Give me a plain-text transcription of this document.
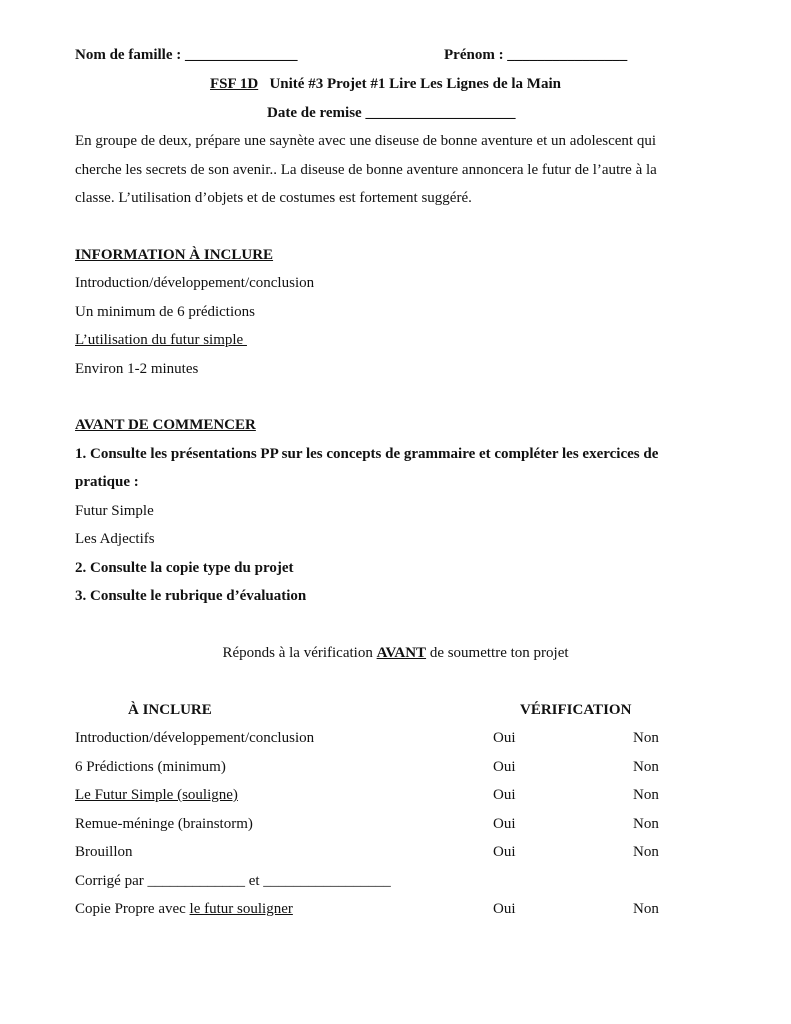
Nom de famille : _______________	Prénom : ________________
FSF 1D Unité #3 Projet #1 Lire Les Lignes de la Main
Date de remise ____________________
En groupe de deux, prépare une saynète avec une diseuse de bonne aventure et un adolescent qui
cherche les secrets de son avenir.. La diseuse de bonne aventure annoncera le futur de l’autre à la
classe. L’utilisation d’objets et de costumes est fortement suggéré.
INFORMATION À INCLURE
Introduction/développement/conclusion
Un minimum de 6 prédictions
L’utilisation du futur simple
Environ 1-2 minutes
AVANT DE COMMENCER
1. Consulte les présentations PP sur les concepts de grammaire et compléter les exercices de
pratique :
Futur Simple
Les Adjectifs
2. Consulte la copie type du projet
3. Consulte le rubrique d’évaluation
Réponds à la vérification AVANT de soumettre ton projet
À INCLURE	VÉRIFICATION
Introduction/développement/conclusion	Oui	Non
6 Prédictions (minimum)	Oui	Non
Le Futur Simple (souligne)	Oui	Non
Remue-méninge (brainstorm)	Oui	Non
Brouillon	Oui	Non
Corrigé par _____________ et _________________
Copie Propre avec le futur souligner	Oui	Non
